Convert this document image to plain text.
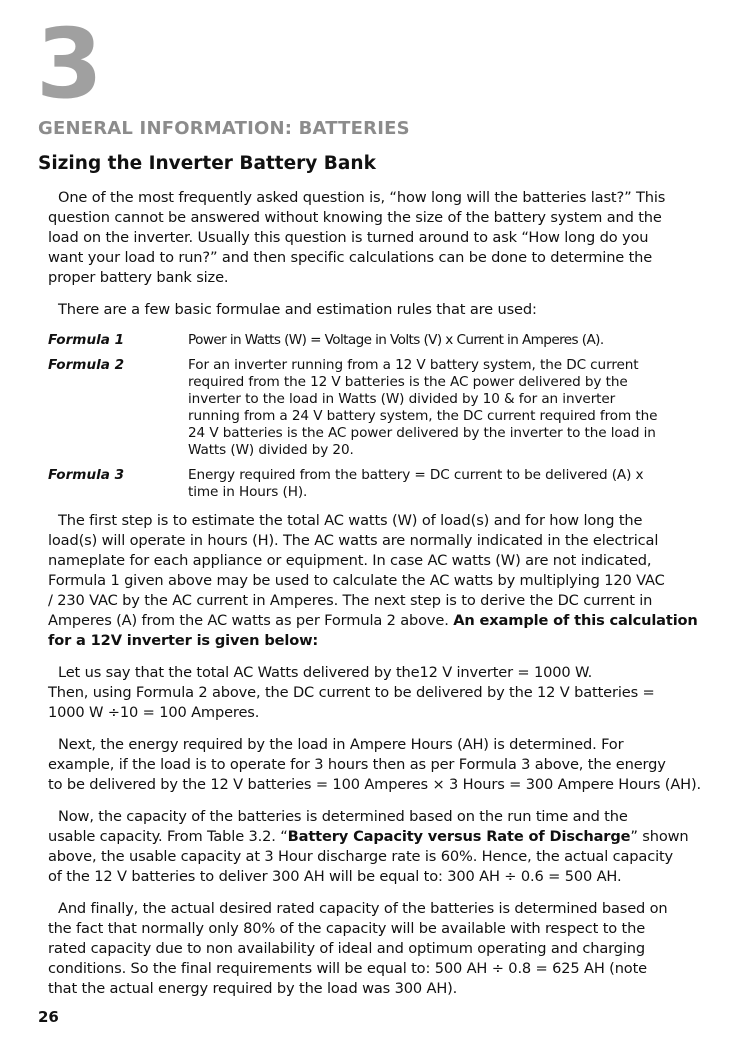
3
GENERAL INFORMATION: BATTERIES
Sizing the Inverter Battery Bank
One of the most frequently asked question is, “how long will the batteries last?” This
question cannot be answered without knowing the size of the battery system and the
load on the inverter. Usually this question is turned around to ask “How long do you
want your load to run?” and then specific calculations can be done to determine the
proper battery bank size.
There are a few basic formulae and estimation rules that are used:
Formula 1	Power in Watts (W) = Voltage in Volts (V) x Current in Amperes (A).
Formula 2	For an inverter running from a 12 V battery system, the DC current
required from the 12 V batteries is the AC power delivered by the
inverter to the load in Watts (W) divided by 10 & for an inverter
running from a 24 V battery system, the DC current required from the
24 V batteries is the AC power delivered by the inverter to the load in
Watts (W) divided by 20.
Formula 3	Energy required from the battery = DC current to be delivered (A) x
time in Hours (H).
The first step is to estimate the total AC watts (W) of load(s) and for how long the
load(s) will operate in hours (H). The AC watts are normally indicated in the electrical
nameplate for each appliance or equipment. In case AC watts (W) are not indicated,
Formula 1 given above may be used to calculate the AC watts by multiplying 120 VAC
/ 230 VAC by the AC current in Amperes. The next step is to derive the DC current in
Amperes (A) from the AC watts as per Formula 2 above. An example of this calculation
for a 12V inverter is given below:
Let us say that the total AC Watts delivered by the12 V inverter = 1000 W.
Then, using Formula 2 above, the DC current to be delivered by the 12 V batteries =
1000 W ÷10 = 100 Amperes.
Next, the energy required by the load in Ampere Hours (AH) is determined. For
example, if the load is to operate for 3 hours then as per Formula 3 above, the energy
to be delivered by the 12 V batteries = 100 Amperes × 3 Hours = 300 Ampere Hours (AH).
Now, the capacity of the batteries is determined based on the run time and the
usable capacity. From Table 3.2. “Battery Capacity versus Rate of Discharge” shown
above, the usable capacity at 3 Hour discharge rate is 60%. Hence, the actual capacity
of the 12 V batteries to deliver 300 AH will be equal to: 300 AH ÷ 0.6 = 500 AH.
And finally, the actual desired rated capacity of the batteries is determined based on
the fact that normally only 80% of the capacity will be available with respect to the
rated capacity due to non availability of ideal and optimum operating and charging
conditions. So the final requirements will be equal to: 500 AH ÷ 0.8 = 625 AH (note
that the actual energy required by the load was 300 AH).
26
